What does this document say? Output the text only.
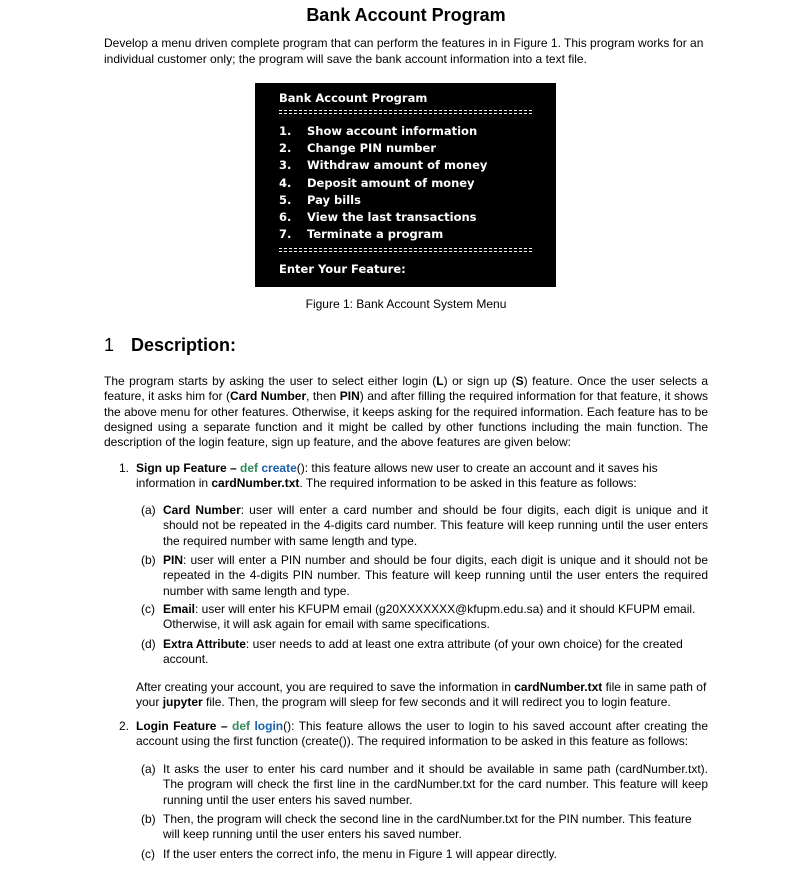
Bank Account Program
Develop a menu driven complete program that can perform the features in in Figure 1. This program works for an individual customer only; the program will save the bank account information into a text file.
Bank Account Program
1. Show account information
2. Change PIN number
3. Withdraw amount of money
4. Deposit amount of money
5. Pay bills
6. View the last transactions
7. Terminate a program
Enter Your Feature:
Figure 1: Bank Account System Menu
1 Description:
The program starts by asking the user to select either login (L) or sign up (S) feature. Once the user selects a feature, it asks him for (Card Number, then PIN) and after filling the required information for that feature, it shows the above menu for other features. Otherwise, it keeps asking for the required information. Each feature has to be designed using a separate function and it might be called by other functions including the main function. The description of the login feature, sign up feature, and the above features are given below:
1. Sign up Feature – def create(): this feature allows new user to create an account and it saves his information in cardNumber.txt. The required information to be asked in this feature as follows:
(a) Card Number: user will enter a card number and should be four digits, each digit is unique and it should not be repeated in the 4-digits card number. This feature will keep running until the user enters the required number with same length and type.
(b) PIN: user will enter a PIN number and should be four digits, each digit is unique and it should not be repeated in the 4-digits PIN number. This feature will keep running until the user enters the required number with same length and type.
(c) Email: user will enter his KFUPM email (g20XXXXXXX@kfupm.edu.sa) and it should KFUPM email. Otherwise, it will ask again for email with same specifications.
(d) Extra Attribute: user needs to add at least one extra attribute (of your own choice) for the created account.
After creating your account, you are required to save the information in cardNumber.txt file in same path of your jupyter file. Then, the program will sleep for few seconds and it will redirect you to login feature.
2. Login Feature – def login(): This feature allows the user to login to his saved account after creating the account using the first function (create()). The required information to be asked in this feature as follows:
(a) It asks the user to enter his card number and it should be available in same path (cardNumber.txt). The program will check the first line in the cardNumber.txt for the card number. This feature will keep running until the user enters his saved number.
(b) Then, the program will check the second line in the cardNumber.txt for the PIN number. This feature will keep running until the user enters his saved number.
(c) If the user enters the correct info, the menu in Figure 1 will appear directly.
